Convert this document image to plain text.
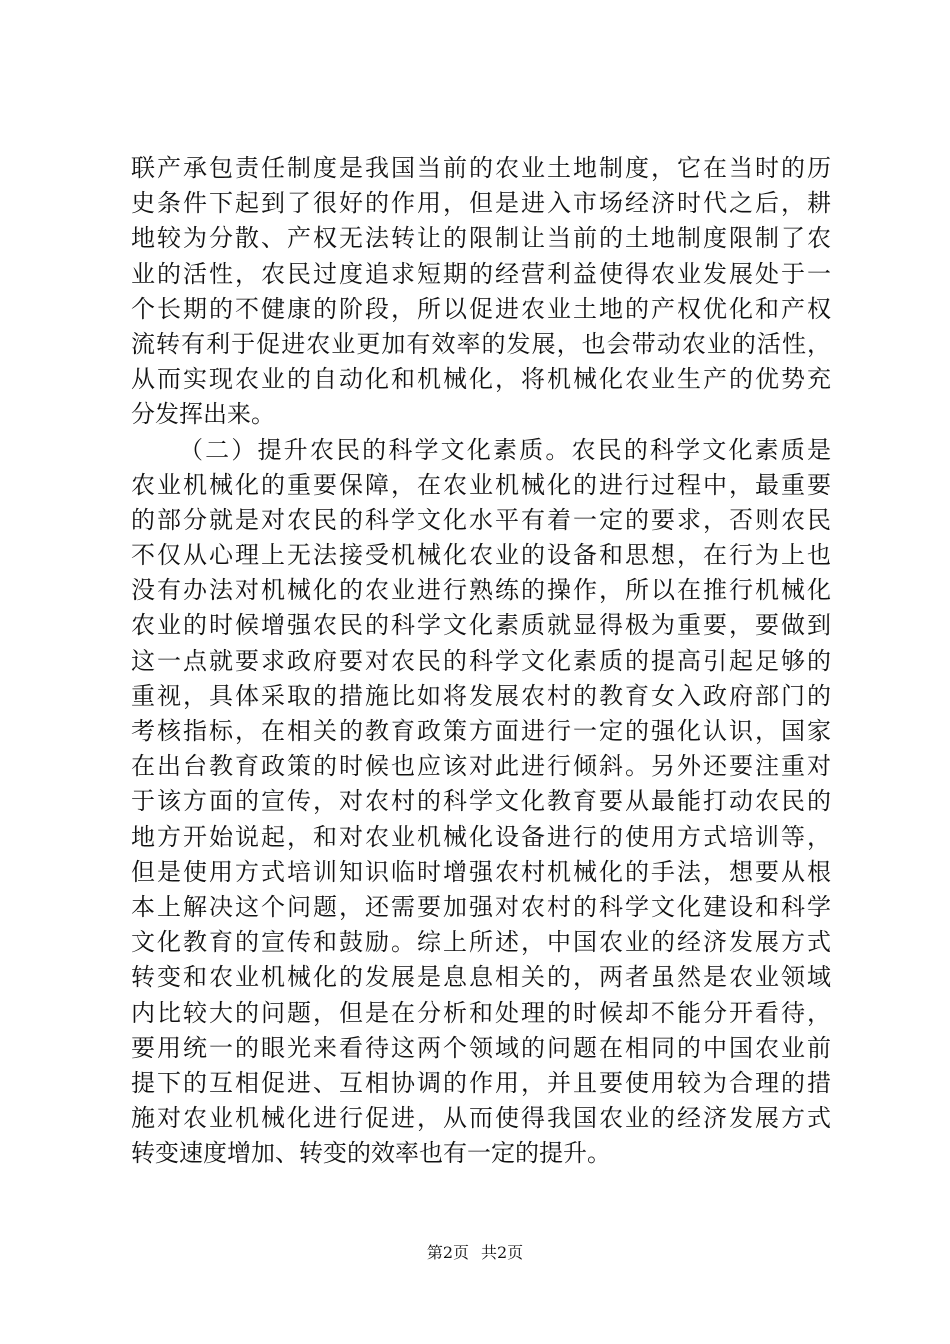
联产承包责任制度是我国当前的农业土地制度，它在当时的历
史条件下起到了很好的作用，但是进入市场经济时代之后，耕
地较为分散、产权无法转让的限制让当前的土地制度限制了农
业的活性，农民过度追求短期的经营利益使得农业发展处于一
个长期的不健康的阶段，所以促进农业土地的产权优化和产权
流转有利于促进农业更加有效率的发展，也会带动农业的活性，
从而实现农业的自动化和机械化，将机械化农业生产的优势充
分发挥出来。
（二）提升农民的科学文化素质。农民的科学文化素质是
农业机械化的重要保障，在农业机械化的进行过程中，最重要
的部分就是对农民的科学文化水平有着一定的要求，否则农民
不仅从心理上无法接受机械化农业的设备和思想，在行为上也
没有办法对机械化的农业进行熟练的操作，所以在推行机械化
农业的时候增强农民的科学文化素质就显得极为重要，要做到
这一点就要求政府要对农民的科学文化素质的提高引起足够的
重视，具体采取的措施比如将发展农村的教育女入政府部门的
考核指标，在相关的教育政策方面进行一定的强化认识，国家
在出台教育政策的时候也应该对此进行倾斜。另外还要注重对
于该方面的宣传，对农村的科学文化教育要从最能打动农民的
地方开始说起，和对农业机械化设备进行的使用方式培训等，
但是使用方式培训知识临时增强农村机械化的手法，想要从根
本上解决这个问题，还需要加强对农村的科学文化建设和科学
文化教育的宣传和鼓励。综上所述，中国农业的经济发展方式
转变和农业机械化的发展是息息相关的，两者虽然是农业领域
内比较大的问题，但是在分析和处理的时候却不能分开看待，
要用统一的眼光来看待这两个领域的问题在相同的中国农业前
提下的互相促进、互相协调的作用，并且要使用较为合理的措
施对农业机械化进行促进，从而使得我国农业的经济发展方式
转变速度增加、转变的效率也有一定的提升。
第2页 共2页
